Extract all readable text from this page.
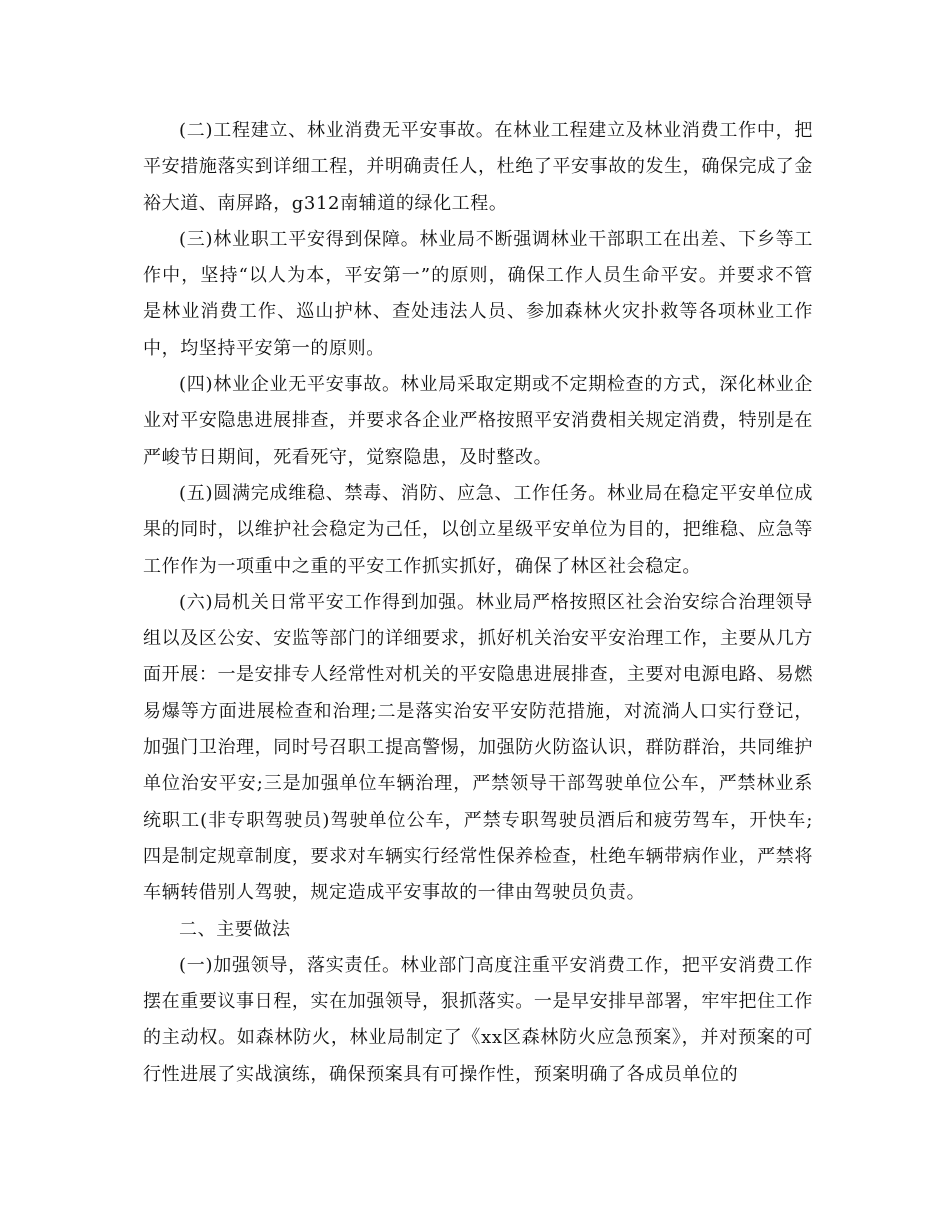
(二)工程建立、林业消费无平安事故。在林业工程建立及林业消费工作中，把平安措施落实到详细工程，并明确责任人，杜绝了平安事故的发生，确保完成了金裕大道、南屏路，g312南辅道的绿化工程。

(三)林业职工平安得到保障。林业局不断强调林业干部职工在出差、下乡等工作中，坚持“以人为本，平安第一”的原则，确保工作人员生命平安。并要求不管是林业消费工作、巡山护林、查处违法人员、参加森林火灾扑救等各项林业工作中，均坚持平安第一的原则。

(四)林业企业无平安事故。林业局采取定期或不定期检查的方式，深化林业企业对平安隐患进展排查，并要求各企业严格按照平安消费相关规定消费，特别是在严峻节日期间，死看死守，觉察隐患，及时整改。

(五)圆满完成维稳、禁毒、消防、应急、工作任务。林业局在稳定平安单位成果的同时，以维护社会稳定为己任，以创立星级平安单位为目的，把维稳、应急等工作作为一项重中之重的平安工作抓实抓好，确保了林区社会稳定。

(六)局机关日常平安工作得到加强。林业局严格按照区社会治安综合治理领导组以及区公安、安监等部门的详细要求，抓好机关治安平安治理工作，主要从几方面开展：一是安排专人经常性对机关的平安隐患进展排查，主要对电源电路、易燃易爆等方面进展检查和治理;二是落实治安平安防范措施，对流淌人口实行登记，加强门卫治理，同时号召职工提高警惕，加强防火防盗认识，群防群治，共同维护单位治安平安;三是加强单位车辆治理，严禁领导干部驾驶单位公车，严禁林业系统职工(非专职驾驶员)驾驶单位公车，严禁专职驾驶员酒后和疲劳驾车，开快车;四是制定规章制度，要求对车辆实行经常性保养检查，杜绝车辆带病作业，严禁将车辆转借别人驾驶，规定造成平安事故的一律由驾驶员负责。

二、主要做法

(一)加强领导，落实责任。林业部门高度注重平安消费工作，把平安消费工作摆在重要议事日程，实在加强领导，狠抓落实。一是早安排早部署，牢牢把住工作的主动权。如森林防火，林业局制定了《xx区森林防火应急预案》，并对预案的可行性进展了实战演练，确保预案具有可操作性，预案明确了各成员单位的
